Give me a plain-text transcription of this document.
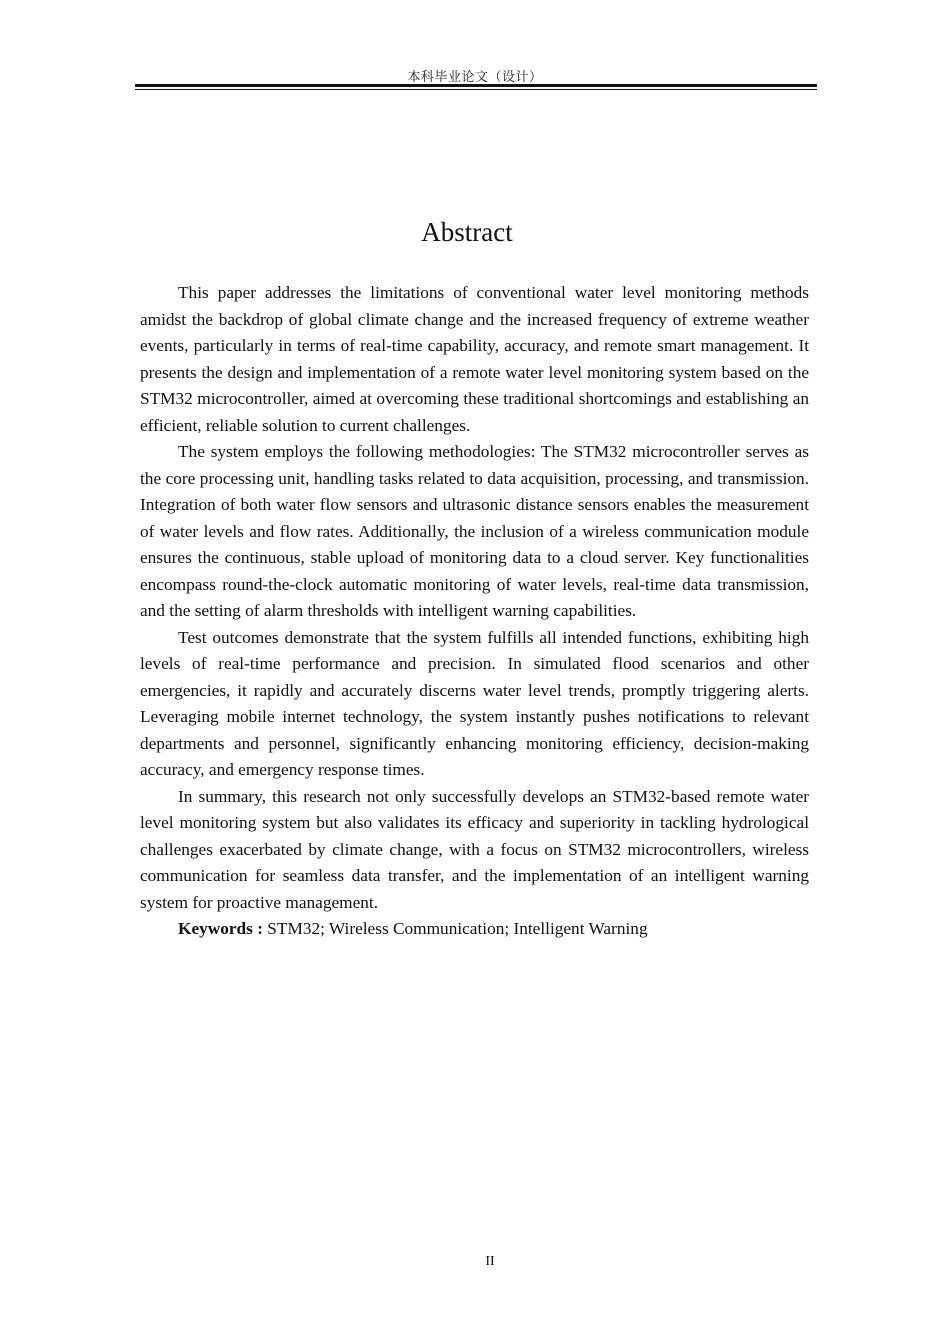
本科毕业论文（设计）
Abstract

This paper addresses the limitations of conventional water level monitoring methods amidst the backdrop of global climate change and the increased frequency of extreme weather events, particularly in terms of real-time capability, accuracy, and remote smart management. It presents the design and implementation of a remote water level monitoring system based on the STM32 microcontroller, aimed at overcoming these traditional shortcomings and establishing an efficient, reliable solution to current challenges.

The system employs the following methodologies: The STM32 microcontroller serves as the core processing unit, handling tasks related to data acquisition, processing, and transmission. Integration of both water flow sensors and ultrasonic distance sensors enables the measurement of water levels and flow rates. Additionally, the inclusion of a wireless communication module ensures the continuous, stable upload of monitoring data to a cloud server. Key functionalities encompass round-the-clock automatic monitoring of water levels, real-time data transmission, and the setting of alarm thresholds with intelligent warning capabilities.

Test outcomes demonstrate that the system fulfills all intended functions, exhibiting high levels of real-time performance and precision. In simulated flood scenarios and other emergencies, it rapidly and accurately discerns water level trends, promptly triggering alerts. Leveraging mobile internet technology, the system instantly pushes notifications to relevant departments and personnel, significantly enhancing monitoring efficiency, decision-making accuracy, and emergency response times.

In summary, this research not only successfully develops an STM32-based remote water level monitoring system but also validates its efficacy and superiority in tackling hydrological challenges exacerbated by climate change, with a focus on STM32 microcontrollers, wireless communication for seamless data transfer, and the implementation of an intelligent warning system for proactive management.

Keywords : STM32; Wireless Communication; Intelligent Warning

II
